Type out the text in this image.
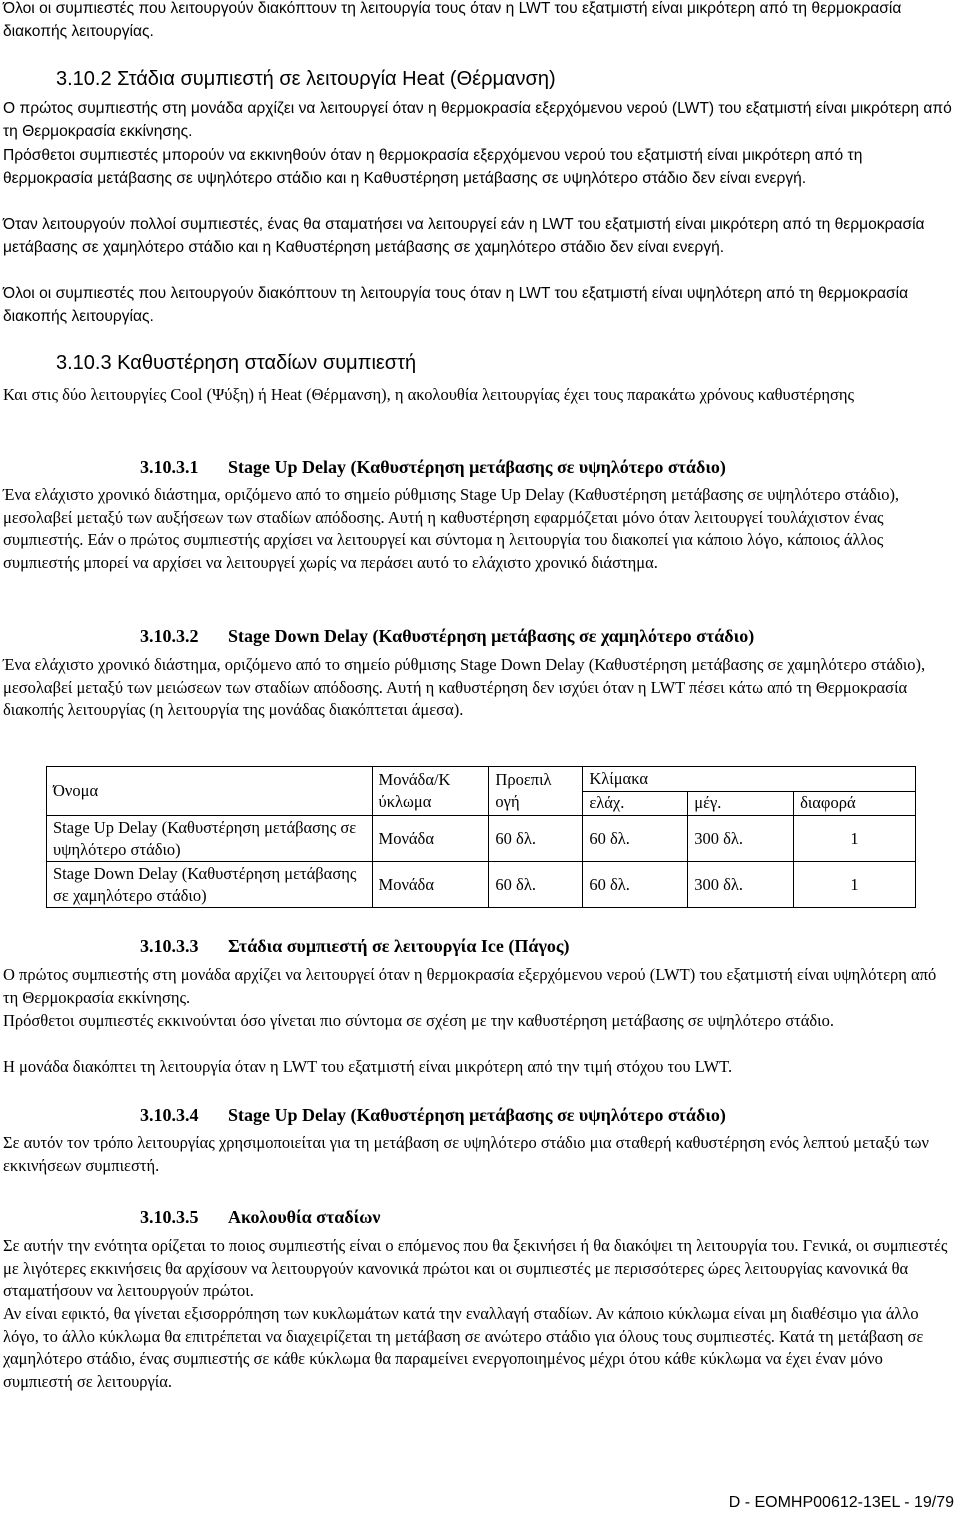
Όλοι οι συμπιεστές που λειτουργούν διακόπτουν τη λειτουργία τους όταν η LWT του εξατμιστή είναι μικρότερη από τη θερμοκρασία διακοπής λειτουργίας.

3.10.2 Στάδια συμπιεστή σε λειτουργία Heat (Θέρμανση)

Ο πρώτος συμπιεστής στη μονάδα αρχίζει να λειτουργεί όταν η θερμοκρασία εξερχόμενου νερού (LWT) του εξατμιστή είναι μικρότερη από τη Θερμοκρασία εκκίνησης.

Πρόσθετοι συμπιεστές μπορούν να εκκινηθούν όταν η θερμοκρασία εξερχόμενου νερού του εξατμιστή είναι μικρότερη από τη θερμοκρασία μετάβασης σε υψηλότερο στάδιο και η Καθυστέρηση μετάβασης σε υψηλότερο στάδιο δεν είναι ενεργή.

Όταν λειτουργούν πολλοί συμπιεστές, ένας θα σταματήσει να λειτουργεί εάν η LWT του εξατμιστή είναι μικρότερη από τη θερμοκρασία μετάβασης σε χαμηλότερο στάδιο και η Καθυστέρηση μετάβασης σε χαμηλότερο στάδιο δεν είναι ενεργή.

Όλοι οι συμπιεστές που λειτουργούν διακόπτουν τη λειτουργία τους όταν η LWT του εξατμιστή είναι υψηλότερη από τη θερμοκρασία διακοπής λειτουργίας.

3.10.3 Καθυστέρηση σταδίων συμπιεστή

Και στις δύο λειτουργίες Cool (Ψύξη) ή Heat (Θέρμανση), η ακολουθία λειτουργίας έχει τους παρακάτω χρόνους καθυστέρησης

3.10.3.1 Stage Up Delay (Καθυστέρηση μετάβασης σε υψηλότερο στάδιο)

Ένα ελάχιστο χρονικό διάστημα, οριζόμενο από το σημείο ρύθμισης Stage Up Delay (Καθυστέρηση μετάβασης σε υψηλότερο στάδιο), μεσολαβεί μεταξύ των αυξήσεων των σταδίων απόδοσης. Αυτή η καθυστέρηση εφαρμόζεται μόνο όταν λειτουργεί τουλάχιστον ένας συμπιεστής. Εάν ο πρώτος συμπιεστής αρχίσει να λειτουργεί και σύντομα η λειτουργία του διακοπεί για κάποιο λόγο, κάποιος άλλος συμπιεστής μπορεί να αρχίσει να λειτουργεί χωρίς να περάσει αυτό το ελάχιστο χρονικό διάστημα.

3.10.3.2 Stage Down Delay (Καθυστέρηση μετάβασης σε χαμηλότερο στάδιο)

Ένα ελάχιστο χρονικό διάστημα, οριζόμενο από το σημείο ρύθμισης Stage Down Delay (Καθυστέρηση μετάβασης σε χαμηλότερο στάδιο), μεσολαβεί μεταξύ των μειώσεων των σταδίων απόδοσης. Αυτή η καθυστέρηση δεν ισχύει όταν η LWT πέσει κάτω από τη Θερμοκρασία διακοπής λειτουργίας (η λειτουργία της μονάδας διακόπτεται άμεσα).

Όνομα	Μονάδα/Κ ύκλωμα	Προεπιλ ογή	Κλίμακα		
			ελάχ.	μέγ.	διαφορά
Stage Up Delay (Καθυστέρηση μετάβασης σε υψηλότερο στάδιο)	Μονάδα	60 δλ.	60 δλ.	300 δλ.	1
Stage Down Delay (Καθυστέρηση μετάβασης σε χαμηλότερο στάδιο)	Μονάδα	60 δλ.	60 δλ.	300 δλ.	1
3.10.3.3 Στάδια συμπιεστή σε λειτουργία Ice (Πάγος)

Ο πρώτος συμπιεστής στη μονάδα αρχίζει να λειτουργεί όταν η θερμοκρασία εξερχόμενου νερού (LWT) του εξατμιστή είναι υψηλότερη από τη Θερμοκρασία εκκίνησης.

Πρόσθετοι συμπιεστές εκκινούνται όσο γίνεται πιο σύντομα σε σχέση με την καθυστέρηση μετάβασης σε υψηλότερο στάδιο.

Η μονάδα διακόπτει τη λειτουργία όταν η LWT του εξατμιστή είναι μικρότερη από την τιμή στόχου του LWT.

3.10.3.4 Stage Up Delay (Καθυστέρηση μετάβασης σε υψηλότερο στάδιο)

Σε αυτόν τον τρόπο λειτουργίας χρησιμοποιείται για τη μετάβαση σε υψηλότερο στάδιο μια σταθερή καθυστέρηση ενός λεπτού μεταξύ των εκκινήσεων συμπιεστή.

3.10.3.5 Ακολουθία σταδίων

Σε αυτήν την ενότητα ορίζεται το ποιος συμπιεστής είναι ο επόμενος που θα ξεκινήσει ή θα διακόψει τη λειτουργία του. Γενικά, οι συμπιεστές με λιγότερες εκκινήσεις θα αρχίσουν να λειτουργούν κανονικά πρώτοι και οι συμπιεστές με περισσότερες ώρες λειτουργίας κανονικά θα σταματήσουν να λειτουργούν πρώτοι.

Αν είναι εφικτό, θα γίνεται εξισορρόπηση των κυκλωμάτων κατά την εναλλαγή σταδίων. Αν κάποιο κύκλωμα είναι μη διαθέσιμο για άλλο λόγο, το άλλο κύκλωμα θα επιτρέπεται να διαχειρίζεται τη μετάβαση σε ανώτερο στάδιο για όλους τους συμπιεστές. Κατά τη μετάβαση σε χαμηλότερο στάδιο, ένας συμπιεστής σε κάθε κύκλωμα θα παραμείνει ενεργοποιημένος μέχρι ότου κάθε κύκλωμα να έχει έναν μόνο συμπιεστή σε λειτουργία.

D - EOMHP00612-13EL - 19/79
